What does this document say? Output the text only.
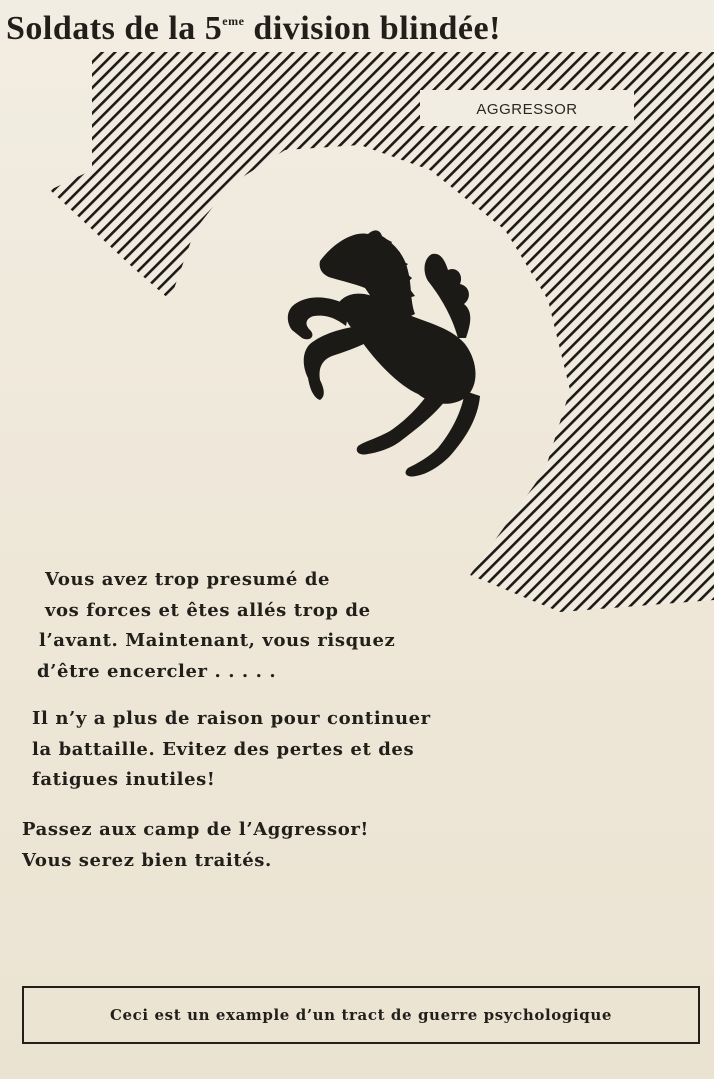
Soldats de la 5eme division blindée!
AGGRESSOR
Vous avez trop presumé de
vos forces et êtes allés trop de
l’avant. Maintenant, vous risquez
d’être encercler . . . . .
Il n’y a plus de raison pour continuer
la battaille. Evitez des pertes et des
fatigues inutiles!
Passez aux camp de l’Aggressor!
Vous serez bien traités.
Ceci est un example d’un tract de guerre psychologique
